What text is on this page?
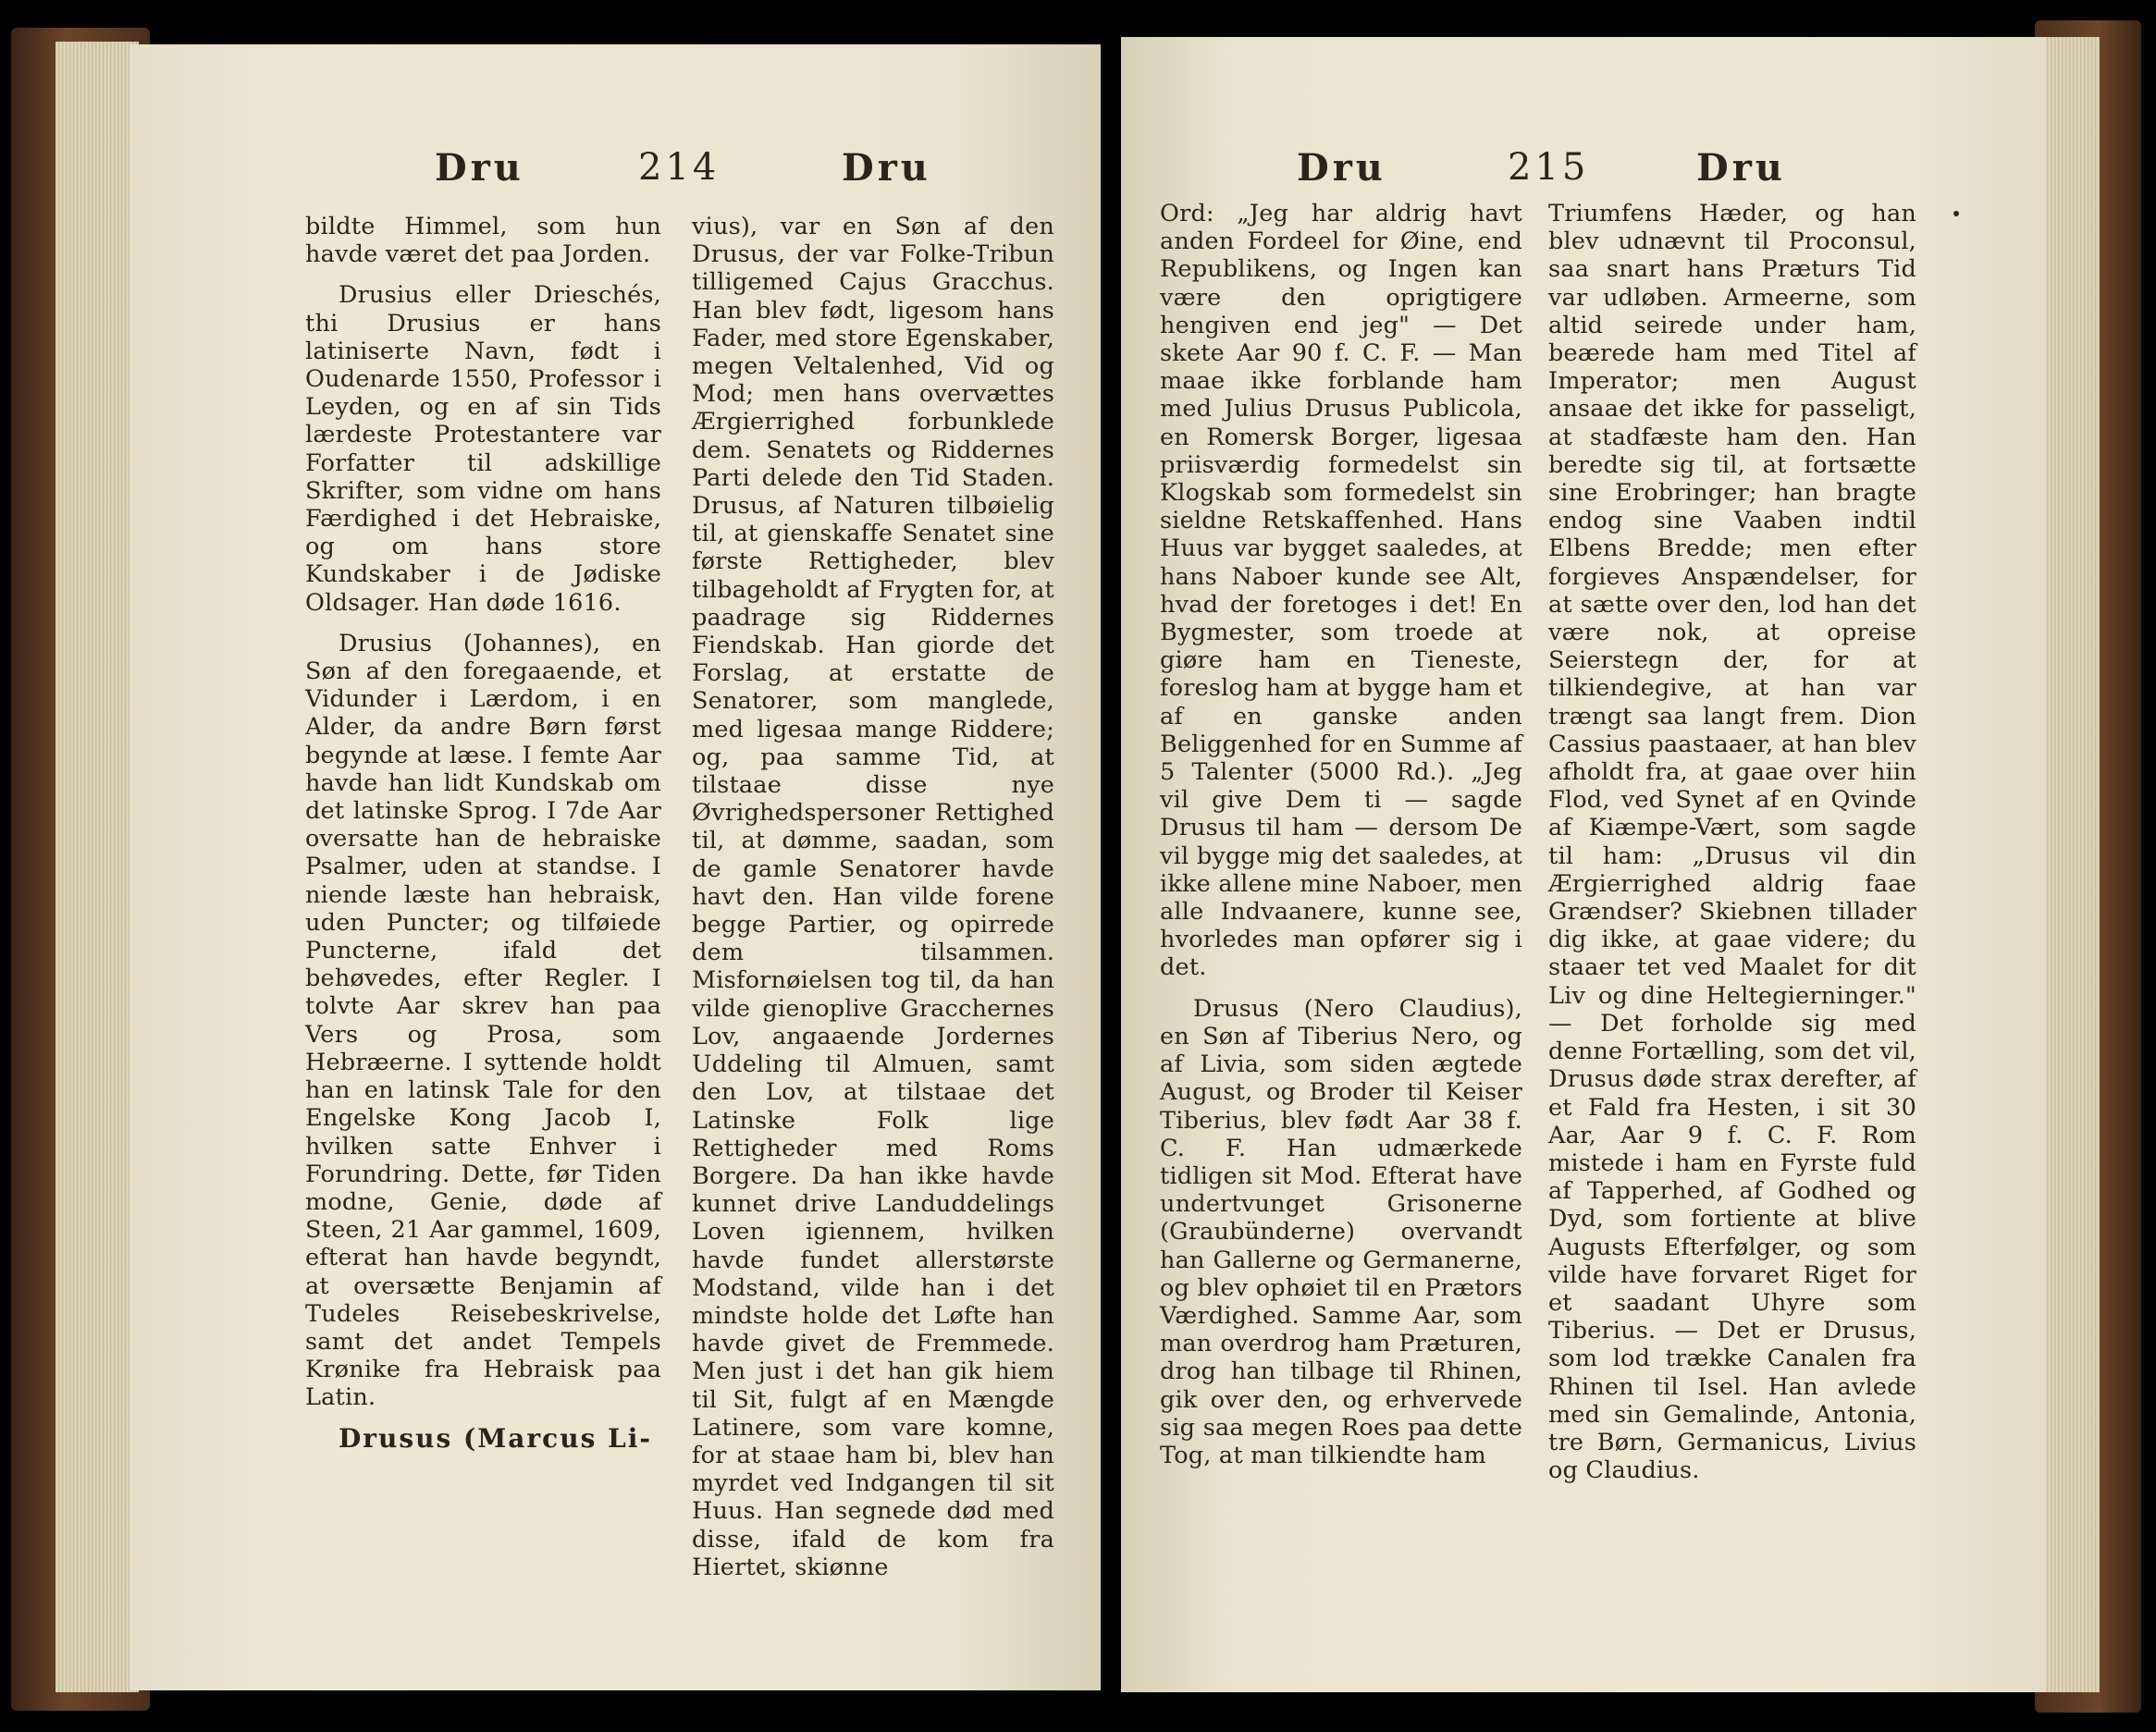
Dru	214	Dru

bildte Himmel, som hun havde været det paa Jorden.

Drusius eller Drieschés, thi Drusius er hans latiniserte Navn, født i Oudenarde 1550, Professor i Leyden, og en af sin Tids lærdeste Protestantere var Forfatter til adskillige Skrifter, som vidne om hans Færdighed i det Hebraiske, og om hans store Kundskaber i de Jødiske Oldsager. Han døde 1616.

Drusius (Johannes), en Søn af den foregaaende, et Vidunder i Lærdom, i en Alder, da andre Børn først begynde at læse. I femte Aar havde han lidt Kundskab om det latinske Sprog. I 7de Aar oversatte han de hebraiske Psalmer, uden at standse. I niende læste han hebraisk, uden Puncter; og tilføiede Puncterne, ifald det behøvedes, efter Regler. I tolvte Aar skrev han paa Vers og Prosa, som Hebræerne. I syttende holdt han en latinsk Tale for den Engelske Kong Jacob I, hvilken satte Enhver i Forundring. Dette, før Tiden modne, Genie, døde af Steen, 21 Aar gammel, 1609, efterat han havde begyndt, at oversætte Benjamin af Tudeles Reisebeskrivelse, samt det andet Tempels Krønike fra Hebraisk paa Latin.

Drusus (Marcus Li-

vius), var en Søn af den Drusus, der var Folke-Tribun tilligemed Cajus Gracchus. Han blev født, ligesom hans Fader, med store Egenskaber, megen Veltalenhed, Vid og Mod; men hans overvættes Ærgierrighed forbunklede dem. Senatets og Riddernes Parti delede den Tid Staden. Drusus, af Naturen tilbøielig til, at gienskaffe Senatet sine første Rettigheder, blev tilbageholdt af Frygten for, at paadrage sig Riddernes Fiendskab. Han giorde det Forslag, at erstatte de Senatorer, som manglede, med ligesaa mange Riddere; og, paa samme Tid, at tilstaae disse nye Øvrighedspersoner Rettighed til, at dømme, saadan, som de gamle Senatorer havde havt den. Han vilde forene begge Partier, og opirrede dem tilsammen. Misfornøielsen tog til, da han vilde gienoplive Gracchernes Lov, angaaende Jordernes Uddeling til Almuen, samt den Lov, at tilstaae det Latinske Folk lige Rettigheder med Roms Borgere. Da han ikke havde kunnet drive Landuddelings Loven igiennem, hvilken havde fundet allerstørste Modstand, vilde han i det mindste holde det Løfte han havde givet de Fremmede. Men just i det han gik hiem til Sit, fulgt af en Mængde Latinere, som vare komne, for at staae ham bi, blev han myrdet ved Indgangen til sit Huus. Han segnede død med disse, ifald de kom fra Hiertet, skiønne

Dru	215	Dru

Ord: „Jeg har aldrig havt anden Fordeel for Øine, end Republikens, og Ingen kan være den oprigtigere hengiven end jeg" — Det skete Aar 90 f. C. F. — Man maae ikke forblande ham med Julius Drusus Publicola, en Romersk Borger, ligesaa priisværdig formedelst sin Klogskab som formedelst sin sieldne Retskaffenhed. Hans Huus var bygget saaledes, at hans Naboer kunde see Alt, hvad der foretoges i det! En Bygmester, som troede at giøre ham en Tieneste, foreslog ham at bygge ham et af en ganske anden Beliggenhed for en Summe af 5 Talenter (5000 Rd.). „Jeg vil give Dem ti — sagde Drusus til ham — dersom De vil bygge mig det saaledes, at ikke allene mine Naboer, men alle Indvaanere, kunne see, hvorledes man opfører sig i det.

Drusus (Nero Claudius), en Søn af Tiberius Nero, og af Livia, som siden ægtede August, og Broder til Keiser Tiberius, blev født Aar 38 f. C. F. Han udmærkede tidligen sit Mod. Efterat have undertvunget Grisonerne (Graubünderne) overvandt han Gallerne og Germanerne, og blev ophøiet til en Prætors Værdighed. Samme Aar, som man overdrog ham Præturen, drog han tilbage til Rhinen, gik over den, og erhvervede sig saa megen Roes paa dette Tog, at man tilkiendte ham

Triumfens Hæder, og han blev udnævnt til Proconsul, saa snart hans Præturs Tid var udløben. Armeerne, som altid seirede under ham, beærede ham med Titel af Imperator; men August ansaae det ikke for passeligt, at stadfæste ham den. Han beredte sig til, at fortsætte sine Erobringer; han bragte endog sine Vaaben indtil Elbens Bredde; men efter forgieves Anspændelser, for at sætte over den, lod han det være nok, at opreise Seierstegn der, for at tilkiendegive, at han var trængt saa langt frem. Dion Cassius paastaaer, at han blev afholdt fra, at gaae over hiin Flod, ved Synet af en Qvinde af Kiæmpe-Vært, som sagde til ham: „Drusus vil din Ærgierrighed aldrig faae Grændser? Skiebnen tillader dig ikke, at gaae videre; du staaer tet ved Maalet for dit Liv og dine Heltegierninger." — Det forholde sig med denne Fortælling, som det vil, Drusus døde strax derefter, af et Fald fra Hesten, i sit 30 Aar, Aar 9 f. C. F. Rom mistede i ham en Fyrste fuld af Tapperhed, af Godhed og Dyd, som fortiente at blive Augusts Efterfølger, og som vilde have forvaret Riget for et saadant Uhyre som Tiberius. — Det er Drusus, som lod trække Canalen fra Rhinen til Isel. Han avlede med sin Gemalinde, Antonia, tre Børn, Germanicus, Livius og Claudius.
